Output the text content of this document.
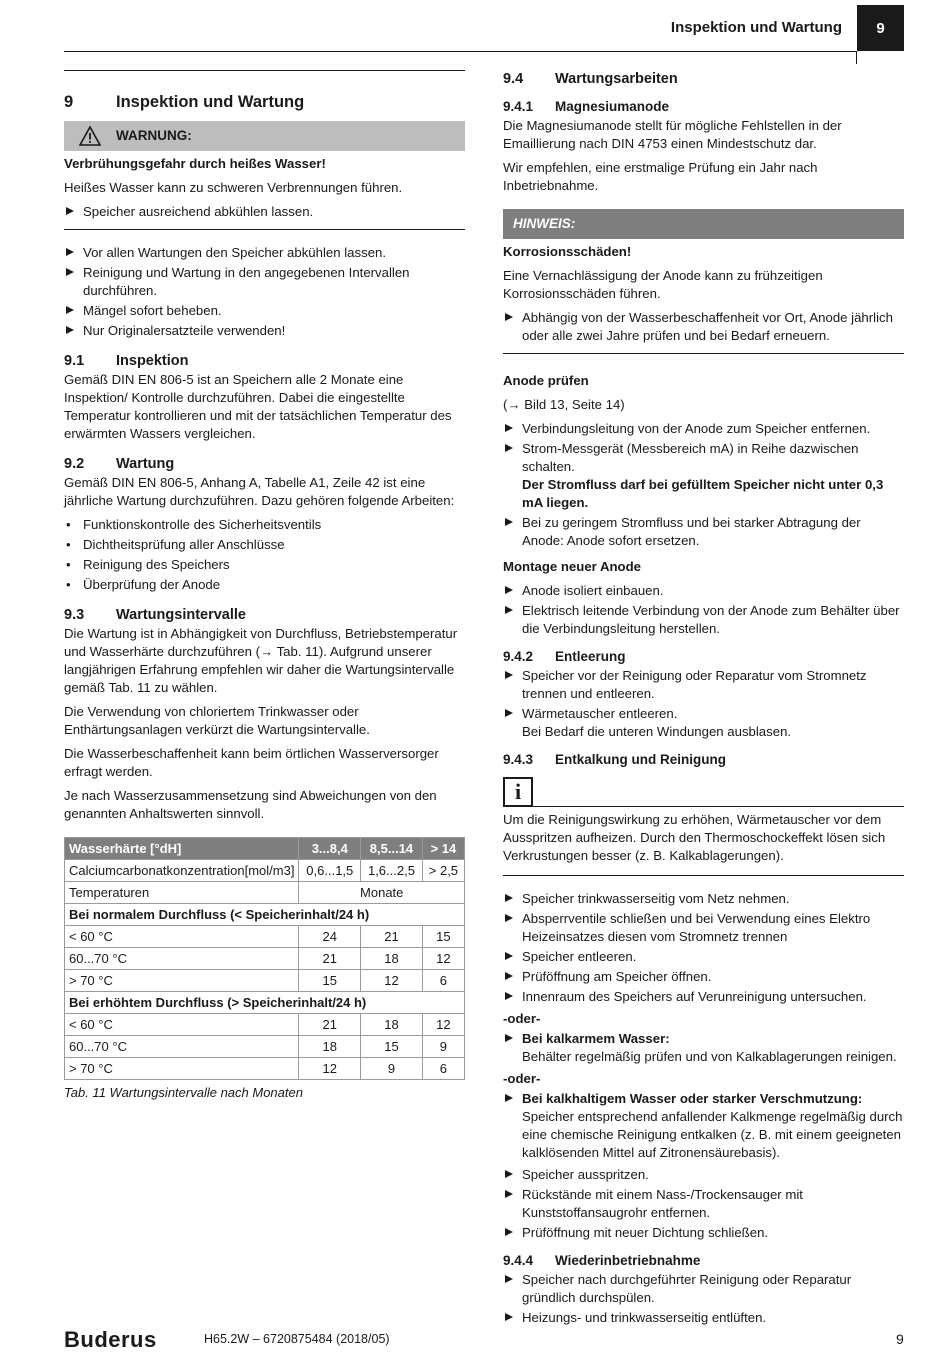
Inspektion und Wartung	9
9	Inspektion und Wartung
WARNUNG:

Verbrühungsgefahr durch heißes Wasser!

Heißes Wasser kann zu schweren Verbrennungen führen.

Speicher ausreichend abkühlen lassen.
Vor allen Wartungen den Speicher abkühlen lassen.
Reinigung und Wartung in den angegebenen Intervallen durchführen.
Mängel sofort beheben.
Nur Originalersatzteile verwenden!
9.1	Inspektion

Gemäß DIN EN 806-5 ist an Speichern alle 2 Monate eine Inspektion/ Kontrolle durchzuführen. Dabei die eingestellte Temperatur kontrollieren und mit der tatsächlichen Temperatur des erwärmten Wassers vergleichen.

9.2	Wartung

Gemäß DIN EN 806-5, Anhang A, Tabelle A1, Zeile 42 ist eine jährliche Wartung durchzuführen. Dazu gehören folgende Arbeiten:

• Funktionskontrolle des Sicherheitsventils
• Dichtheitsprüfung aller Anschlüsse
• Reinigung des Speichers
• Überprüfung der Anode
9.3	Wartungsintervalle

Die Wartung ist in Abhängigkeit von Durchfluss, Betriebstemperatur und Wasserhärte durchzuführen (→ Tab. 11). Aufgrund unserer langjährigen Erfahrung empfehlen wir daher die Wartungsintervalle gemäß Tab. 11 zu wählen.

Die Verwendung von chloriertem Trinkwasser oder Enthärtungsanlagen verkürzt die Wartungsintervalle.

Die Wasserbeschaffenheit kann beim örtlichen Wasserversorger erfragt werden.

Je nach Wasserzusammensetzung sind Abweichungen von den genannten Anhaltswerten sinnvoll.

Wasserhärte [°dH]	3...8,4	8,5...14	> 14
Calciumcarbonatkonzentration[mol/m3]	0,6...1,5	1,6...2,5	> 2,5
Temperaturen	Monate		
Bei normalem Durchfluss (< Speicherinhalt/24 h)			
< 60 °C	24	21	15
60...70 °C	21	18	12
> 70 °C	15	12	6
Bei erhöhtem Durchfluss (> Speicherinhalt/24 h)			
< 60 °C	21	18	12
60...70 °C	18	15	9
> 70 °C	12	9	6
Tab. 11 Wartungsintervalle nach Monaten
9.4	Wartungsarbeiten
9.4.1	Magnesiumanode

Die Magnesiumanode stellt für mögliche Fehlstellen in der Emaillierung nach DIN 4753 einen Mindestschutz dar.

Wir empfehlen, eine erstmalige Prüfung ein Jahr nach Inbetriebnahme.

HINWEIS:

Korrosionsschäden!

Eine Vernachlässigung der Anode kann zu frühzeitigen Korrosionsschäden führen.

Abhängig von der Wasserbeschaffenheit vor Ort, Anode jährlich oder alle zwei Jahre prüfen und bei Bedarf erneuern.
Anode prüfen

(→ Bild 13, Seite 14)

Verbindungsleitung von der Anode zum Speicher entfernen.
Strom-Messgerät (Messbereich mA) in Reihe dazwischen schalten.
Der Stromfluss darf bei gefülltem Speicher nicht unter 0,3 mA liegen.
Bei zu geringem Stromfluss und bei starker Abtragung der Anode: Anode sofort ersetzen.
Montage neuer Anode
Anode isoliert einbauen.
Elektrisch leitende Verbindung von der Anode zum Behälter über die Verbindungsleitung herstellen.
9.4.2	Entleerung
Speicher vor der Reinigung oder Reparatur vom Stromnetz trennen und entleeren.
Wärmetauscher entleeren.
Bei Bedarf die unteren Windungen ausblasen.
9.4.3	Entkalkung und Reinigung
i

Um die Reinigungswirkung zu erhöhen, Wärmetauscher vor dem Ausspritzen aufheizen. Durch den Thermoschockeffekt lösen sich Verkrustungen besser (z. B. Kalkablagerungen).

Speicher trinkwasserseitig vom Netz nehmen.
Absperrventile schließen und bei Verwendung eines Elektro Heizeinsatzes diesen vom Stromnetz trennen
Speicher entleeren.
Prüföffnung am Speicher öffnen.
Innenraum des Speichers auf Verunreinigung untersuchen.
-oder-
Bei kalkarmem Wasser:
Behälter regelmäßig prüfen und von Kalkablagerungen reinigen.
-oder-
Bei kalkhaltigem Wasser oder starker Verschmutzung:
Speicher entsprechend anfallender Kalkmenge regelmäßig durch eine chemische Reinigung entkalken (z. B. mit einem geeigneten kalklösenden Mittel auf Zitronensäurebasis).
Speicher ausspritzen.
Rückstände mit einem Nass-/Trockensauger mit Kunststoffansaugrohr entfernen.
Prüföffnung mit neuer Dichtung schließen.
9.4.4	Wiederinbetriebnahme
Speicher nach durchgeführter Reinigung oder Reparatur gründlich durchspülen.
Heizungs- und trinkwasserseitig entlüften.
Buderus	H65.2W – 6720875484 (2018/05)	9
